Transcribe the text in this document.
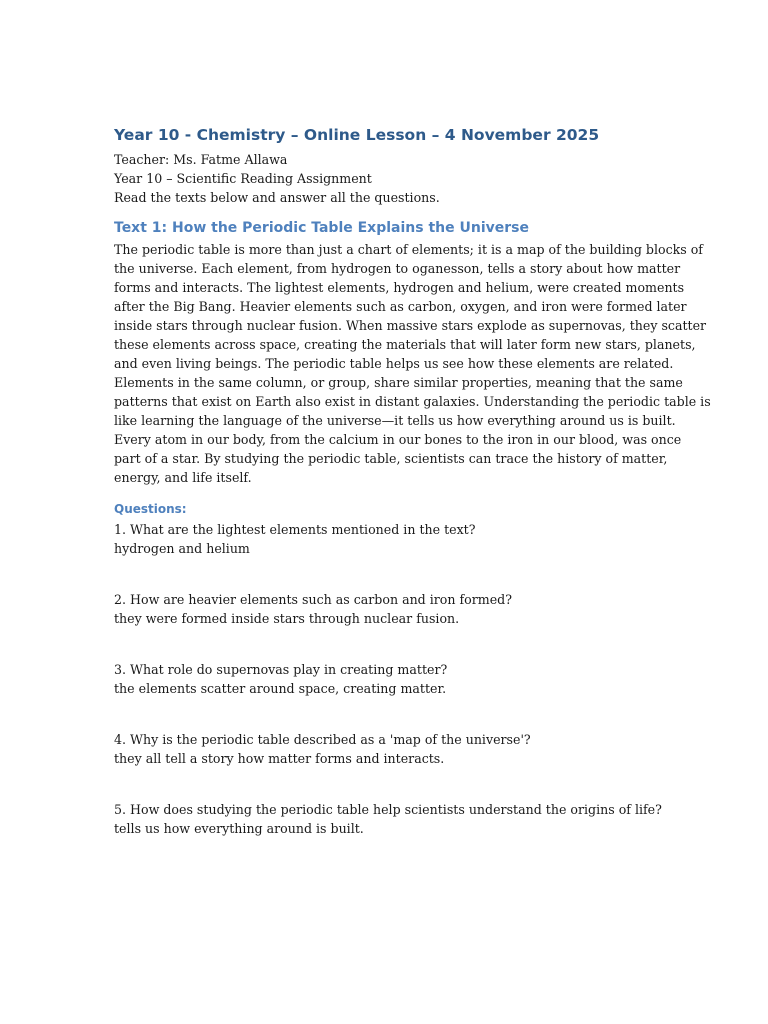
Year 10 - Chemistry – Online Lesson – 4 November 2025

Teacher: Ms. Fatme Allawa

Year 10 – Scientific Reading Assignment

Read the texts below and answer all the questions.

Text 1: How the Periodic Table Explains the Universe

The periodic table is more than just a chart of elements; it is a map of the building blocks of

the universe. Each element, from hydrogen to oganesson, tells a story about how matter

forms and interacts. The lightest elements, hydrogen and helium, were created moments

after the Big Bang. Heavier elements such as carbon, oxygen, and iron were formed later

inside stars through nuclear fusion. When massive stars explode as supernovas, they scatter

these elements across space, creating the materials that will later form new stars, planets,

and even living beings. The periodic table helps us see how these elements are related.

Elements in the same column, or group, share similar properties, meaning that the same

patterns that exist on Earth also exist in distant galaxies. Understanding the periodic table is

like learning the language of the universe—it tells us how everything around us is built.

Every atom in our body, from the calcium in our bones to the iron in our blood, was once

part of a star. By studying the periodic table, scientists can trace the history of matter,

energy, and life itself.

Questions:

1. What are the lightest elements mentioned in the text?

hydrogen and helium

2. How are heavier elements such as carbon and iron formed?

they were formed inside stars through nuclear fusion.

3. What role do supernovas play in creating matter?

the elements scatter around space, creating matter.

4. Why is the periodic table described as a 'map of the universe'?

they all tell a story how matter forms and interacts.

5. How does studying the periodic table help scientists understand the origins of life?

tells us how everything around is built.
